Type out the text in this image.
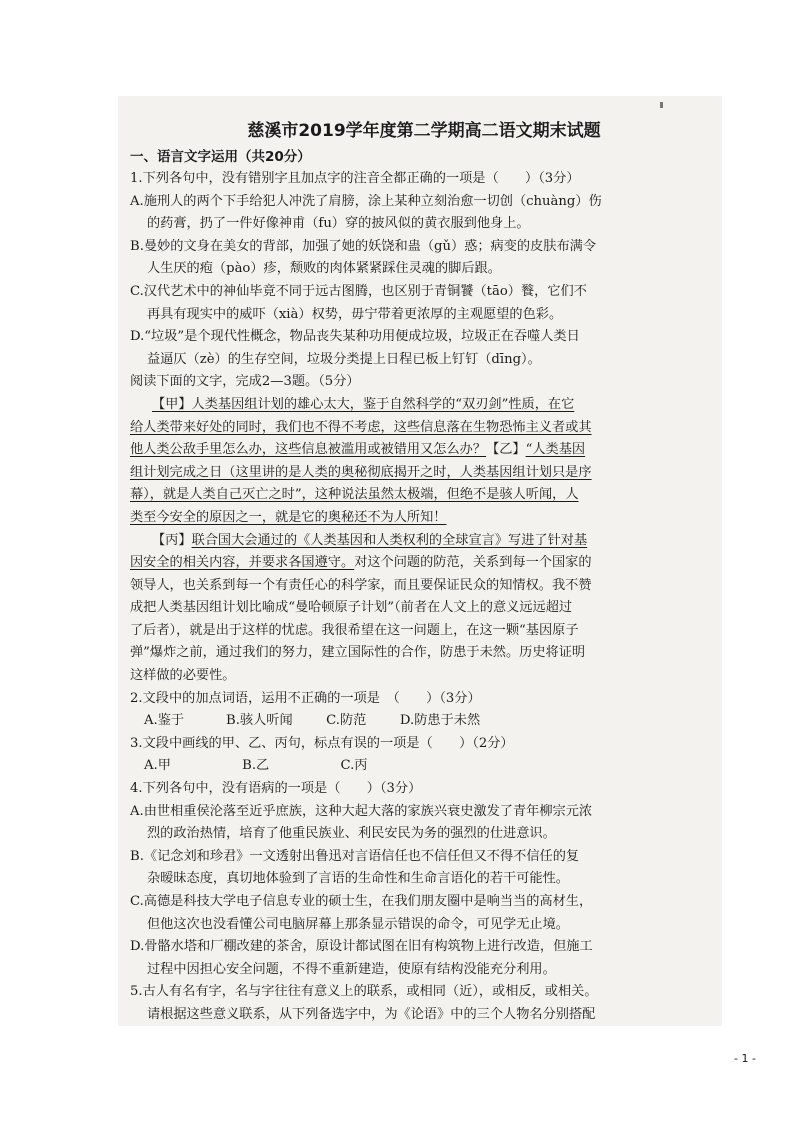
慈溪市2019学年度第二学期高二语文期末试题
一、语言文字运用（共20分）
1.下列各句中，没有错别字且加点字的注音全都正确的一项是（　　）（3分）
A.施刑人的两个下手给犯人冲洗了肩膀，涂上某种立刻治愈一切创（chuàng）伤
的药膏，扔了一件好像神甫（fu）穿的披风似的黄衣服到他身上。
B.曼妙的文身在美女的背部，加强了她的妖饶和蛊（gǔ）惑；病变的皮肤布满令
人生厌的疱（pào）疹，颓败的肉体紧紧踩住灵魂的脚后跟。
C.汉代艺术中的神仙毕竟不同于远古图腾，也区别于青铜饕（tāo）餮，它们不
再具有现实中的威吓（xià）权势，毋宁带着更浓厚的主观愿望的色彩。
D.“垃圾”是个现代性概念，物品丧失某种功用便成垃圾，垃圾正在吞噬人类日
益逼仄（zè）的生存空间，垃圾分类提上日程已板上钉钉（dīng）。
阅读下面的文字，完成2—3题。（5分）
【甲】人类基因组计划的雄心太大，鉴于自然科学的“双刃剑”性质，在它
给人类带来好处的同时，我们也不得不考虑，这些信息落在生物恐怖主义者或其
他人类公敌手里怎么办，这些信息被滥用或被错用又怎么办？【乙】“人类基因
组计划完成之日（这里讲的是人类的奥秘彻底揭开之时，人类基因组计划只是序
幕），就是人类自己灭亡之时”，这种说法虽然太极端，但绝不是骇人听闻，人
类至今安全的原因之一，就是它的奥秘还不为人所知！
【丙】联合国大会通过的《人类基因和人类权利的全球宣言》写进了针对基
因安全的相关内容，并要求各国遵守。对这个问题的防范，关系到每一个国家的
领导人，也关系到每一个有责任心的科学家，而且要保证民众的知情权。我不赞
成把人类基因组计划比喻成“曼哈顿原子计划”（前者在人文上的意义远远超过
了后者），就是出于这样的忧虑。我很希望在这一问题上，在这一颗“基因原子
弹”爆炸之前，通过我们的努力，建立国际性的合作，防患于未然。历史将证明
这样做的必要性。
2.文段中的加点词语，运用不正确的一项是　（　　）（3分）
A.鉴于          B.骇人听闻        C.防范        D.防患于未然
3.文段中画线的甲、乙、丙句，标点有误的一项是（　　）（2分）
A.甲                 B.乙                 C.丙
4.下列各句中，没有语病的一项是（　　）（3分）
A.由世相重侯沦落至近乎庶族，这种大起大落的家族兴衰史激发了青年柳宗元浓
烈的政治热情，培育了他重民族业、利民安民为务的强烈的仕进意识。
B.《记念刘和珍君》一文透射出鲁迅对言语信任也不信任但又不得不信任的复
杂暧昧态度，真切地体验到了言语的生命性和生命言语化的若干可能性。
C.高德是科技大学电子信息专业的硕士生，在我们朋友圈中是响当当的高材生，
但他这次也没看懂公司电脑屏幕上那条显示错误的命令，可见学无止境。
D.骨骼水塔和厂棚改建的茶舍，原设计都试图在旧有构筑物上进行改造，但施工
过程中因担心安全问题，不得不重新建造，使原有结构没能充分利用。
5.古人有名有字，名与字往往有意义上的联系，或相同（近），或相反，或相关。
请根据这些意义联系，从下列备选字中，为《论语》中的三个人物名分别搭配
- 1 -
